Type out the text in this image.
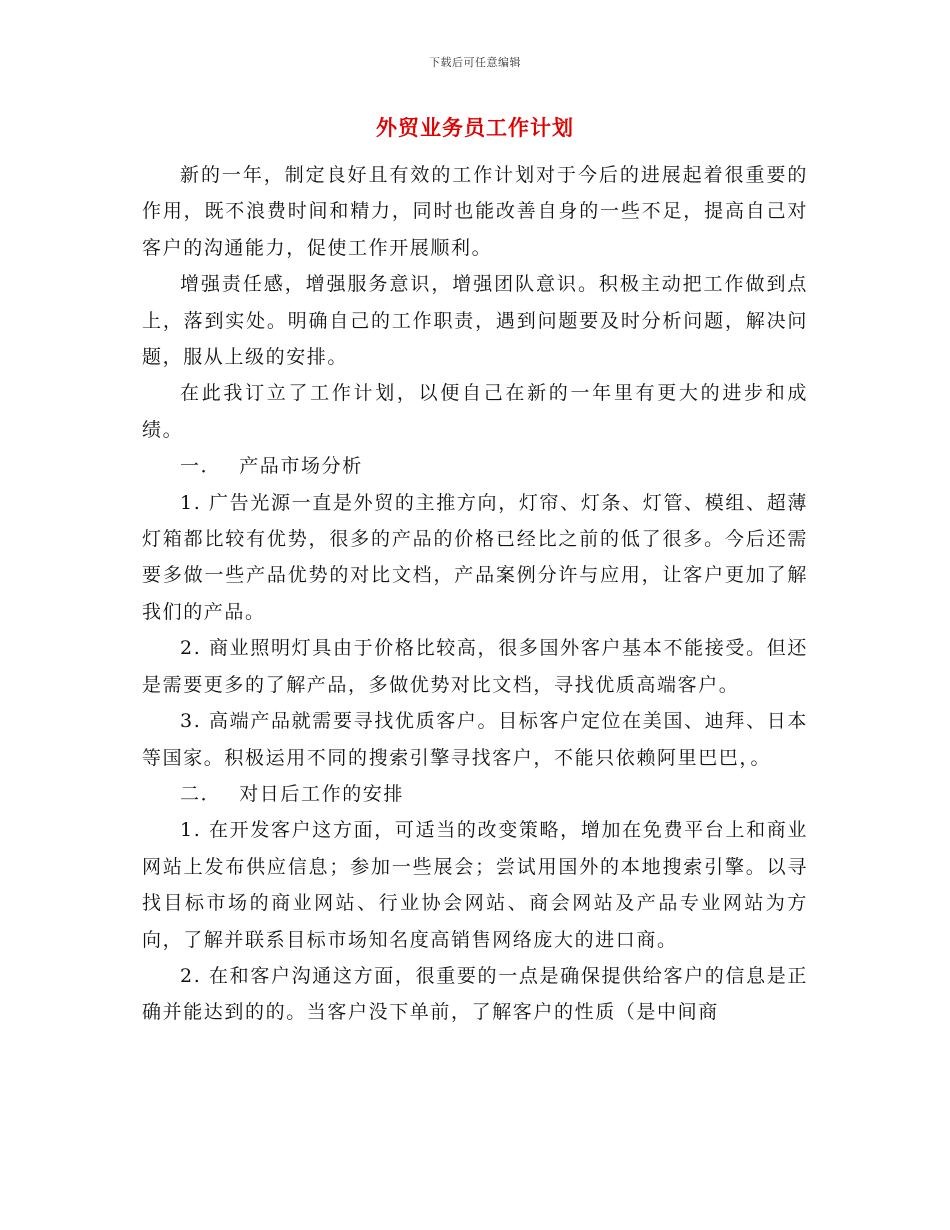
下载后可任意编辑
外贸业务员工作计划

新的一年，制定良好且有效的工作计划对于今后的进展起着很重要的作用，既不浪费时间和精力，同时也能改善自身的一些不足，提高自己对客户的沟通能力，促使工作开展顺利。

增强责任感，增强服务意识，增强团队意识。积极主动把工作做到点上，落到实处。明确自己的工作职责，遇到问题要及时分析问题，解决问题，服从上级的安排。

在此我订立了工作计划，以便自己在新的一年里有更大的进步和成绩。

一． 产品市场分析

1. 广告光源一直是外贸的主推方向，灯帘、灯条、灯管、模组、超薄灯箱都比较有优势，很多的产品的价格已经比之前的低了很多。今后还需要多做一些产品优势的对比文档，产品案例分许与应用，让客户更加了解我们的产品。

2. 商业照明灯具由于价格比较高，很多国外客户基本不能接受。但还是需要更多的了解产品，多做优势对比文档，寻找优质高端客户。

3. 高端产品就需要寻找优质客户。目标客户定位在美国、迪拜、日本等国家。积极运用不同的搜索引擎寻找客户，不能只依赖阿里巴巴，。

二． 对日后工作的安排

1. 在开发客户这方面，可适当的改变策略，增加在免费平台上和商业网站上发布供应信息；参加一些展会；尝试用国外的本地搜索引擎。以寻找目标市场的商业网站、行业协会网站、商会网站及产品专业网站为方向，了解并联系目标市场知名度高销售网络庞大的进口商。

2. 在和客户沟通这方面，很重要的一点是确保提供给客户的信息是正确并能达到的的。当客户没下单前，了解客户的性质（是中间商
